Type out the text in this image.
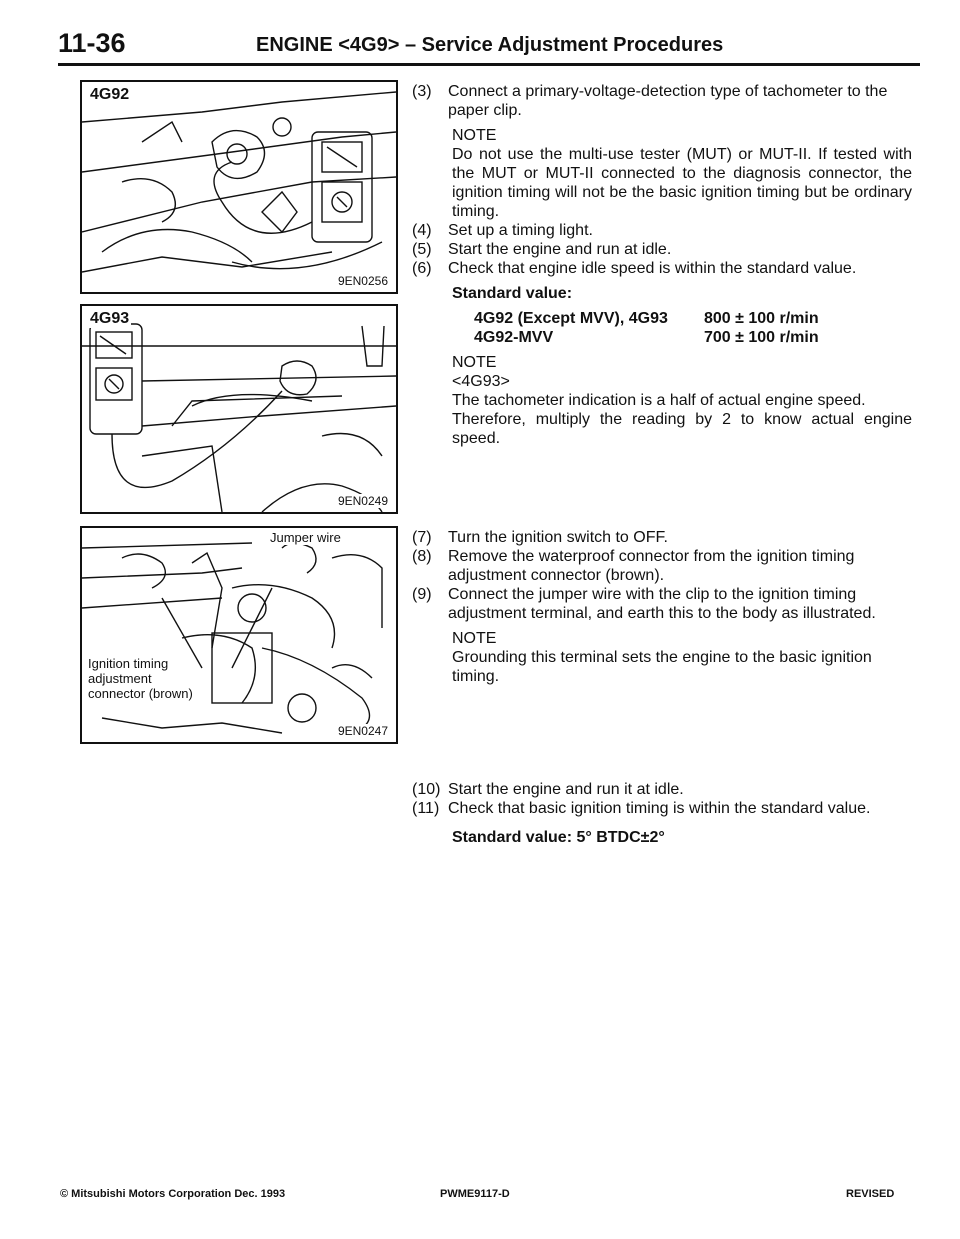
11-36	ENGINE <4G9> – Service Adjustment Procedures
4G92
9EN0256
4G93
9EN0249
Jumper wire
Ignition timing
adjustment
connector (brown)
9EN0247
(3) Connect a primary-voltage-detection type of tachometer to the paper clip.

NOTE

Do not use the multi-use tester (MUT) or MUT-II. If tested with the MUT or MUT-II connected to the diagnosis connector, the ignition timing will not be the basic ignition timing but be ordinary timing.

(4) Set up a timing light.
(5) Start the engine and run at idle.
(6) Check that engine idle speed is within the standard value.
Standard value:
4G92 (Except MVV), 4G93	800 ± 100 r/min
4G92-MVV	700 ± 100 r/min

NOTE

<4G93>

The tachometer indication is a half of actual engine speed.

Therefore, multiply the reading by 2 to know actual engine speed.

(7) Turn the ignition switch to OFF.
(8) Remove the waterproof connector from the ignition timing adjustment connector (brown).
(9) Connect the jumper wire with the clip to the ignition timing adjustment terminal, and earth this to the body as illustrated.

NOTE

Grounding this terminal sets the engine to the basic ignition timing.

(10) Start the engine and run it at idle.
(11) Check that basic ignition timing is within the standard value.
Standard value: 5° BTDC±2°
© Mitsubishi Motors Corporation Dec. 1993	PWME9117-D	REVISED
